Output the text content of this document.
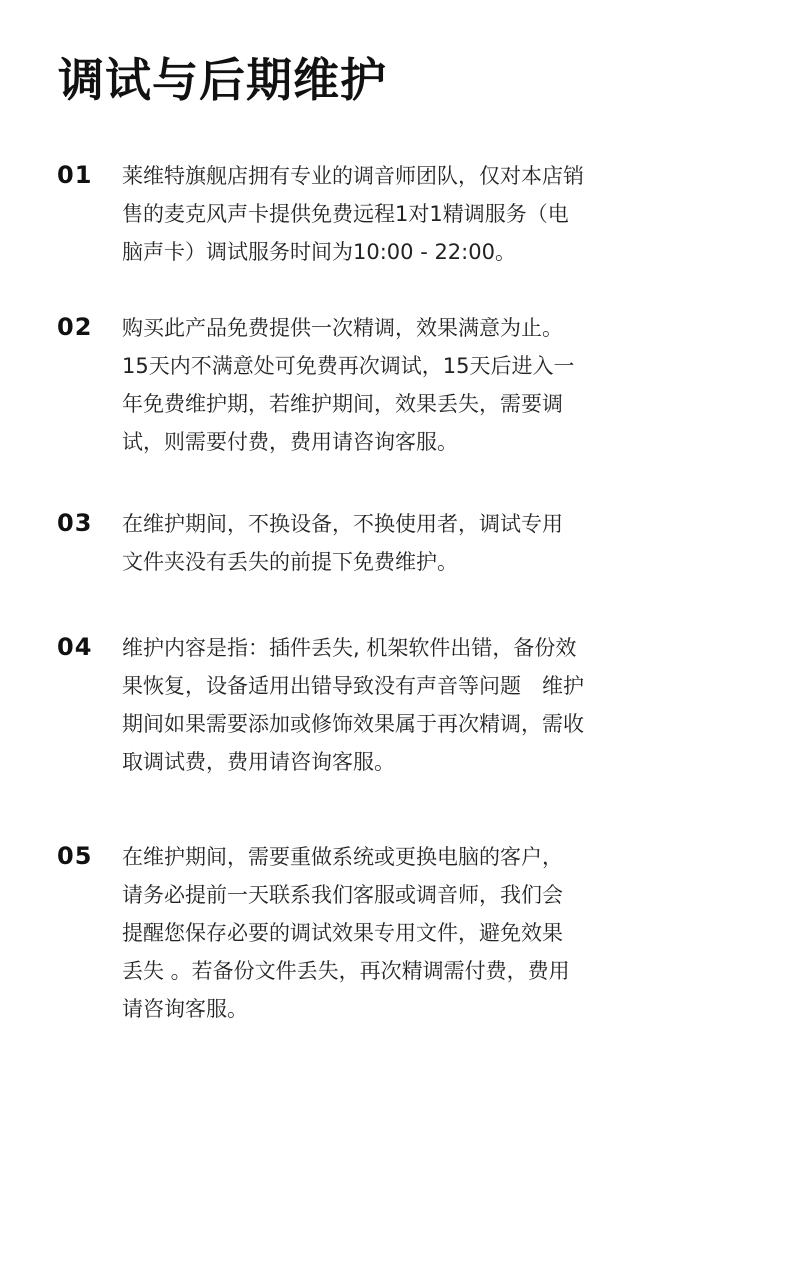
调试与后期维护
01 莱维特旗舰店拥有专业的调音师团队，仅对本店销
售的麦克风声卡提供免费远程1对1精调服务（电
脑声卡）调试服务时间为10:00 - 22:00。
02 购买此产品免费提供一次精调，效果满意为止。
15天内不满意处可免费再次调试，15天后进入一
年免费维护期，若维护期间，效果丢失，需要调
试，则需要付费，费用请咨询客服。
03 在维护期间，不换设备，不换使用者，调试专用
文件夹没有丢失的前提下免费维护。
04 维护内容是指：插件丢失, 机架软件出错，备份效
果恢复，设备适用出错导致没有声音等问题　维护
期间如果需要添加或修饰效果属于再次精调，需收
取调试费，费用请咨询客服。
05 在维护期间，需要重做系统或更换电脑的客户，
请务必提前一天联系我们客服或调音师，我们会
提醒您保存必要的调试效果专用文件，避免效果
丢失 。若备份文件丢失，再次精调需付费，费用
请咨询客服。
